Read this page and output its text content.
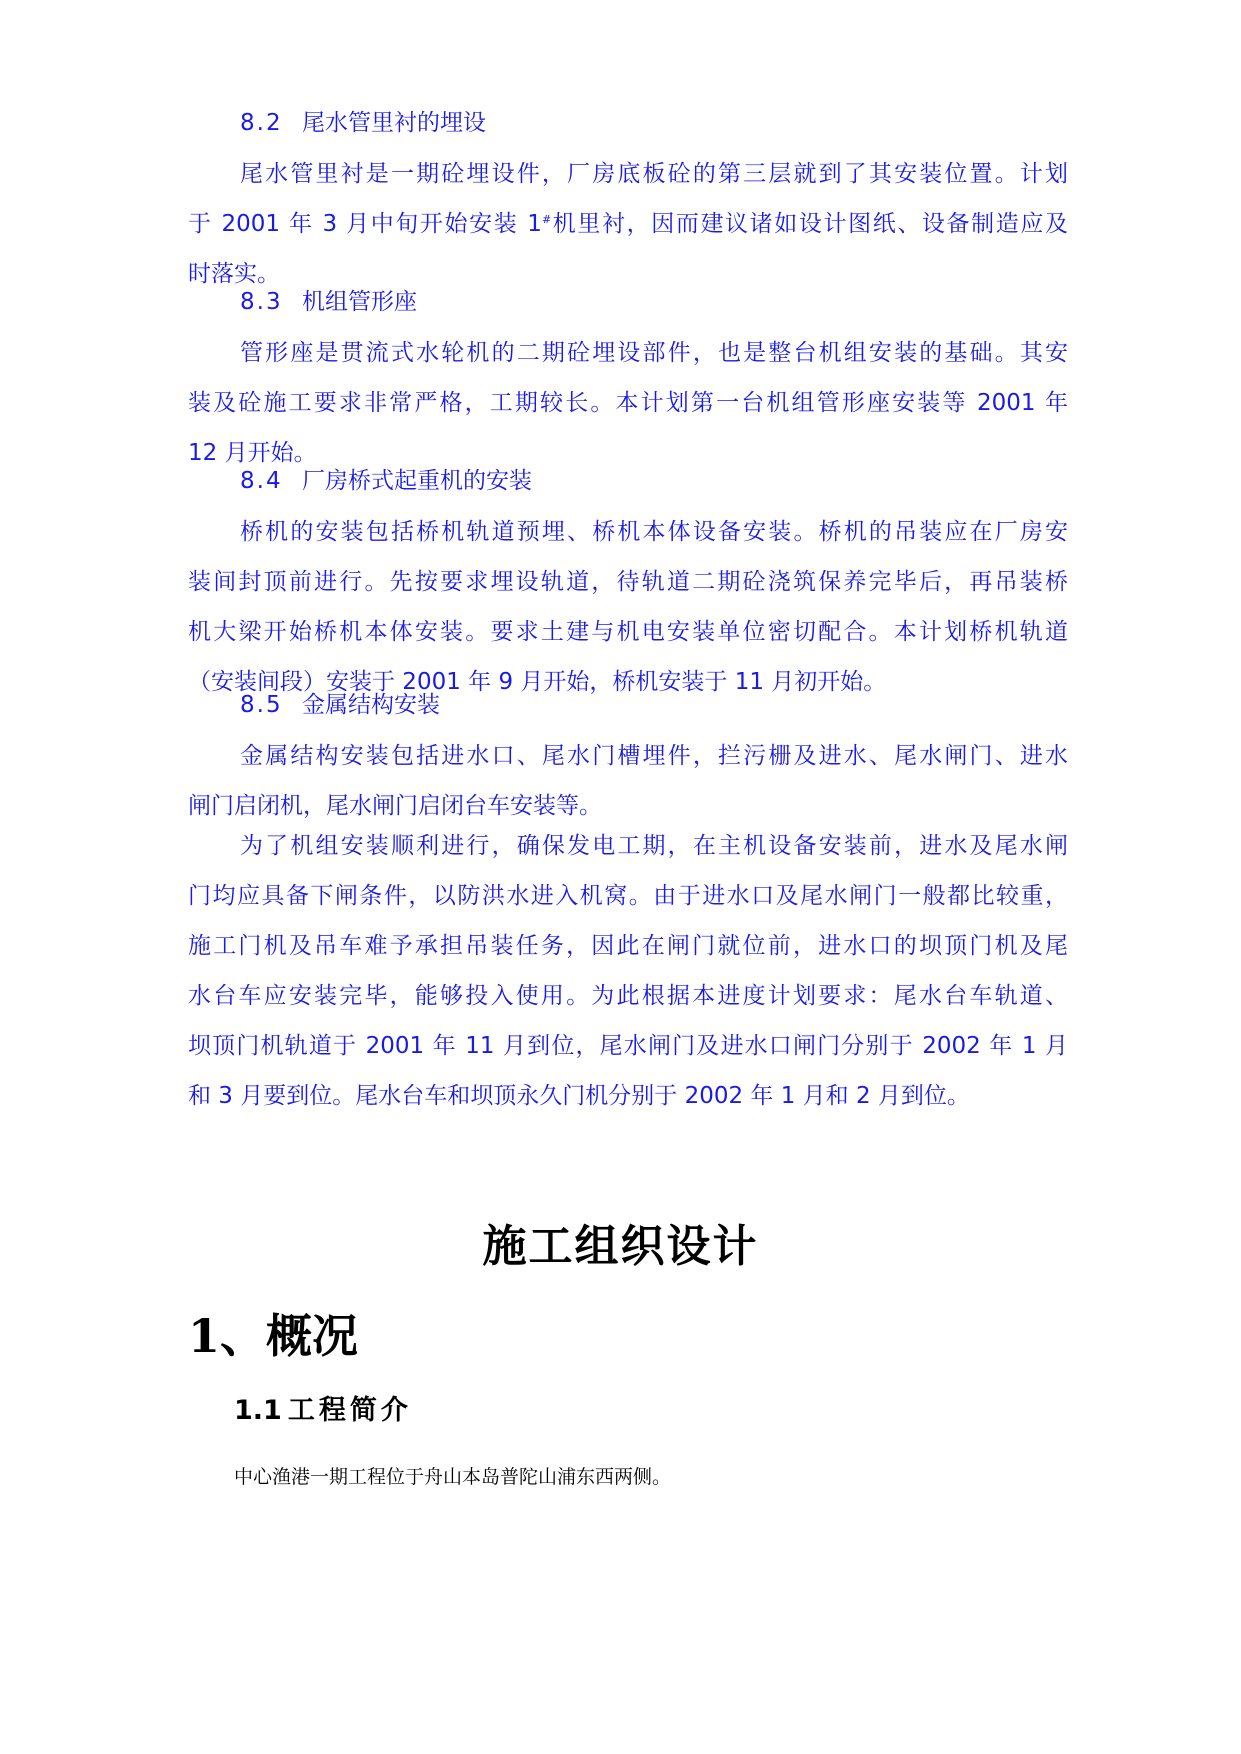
8.2 尾水管里衬的埋设
尾水管里衬是一期砼埋设件，厂房底板砼的第三层就到了其安装位置。计划
于 2001 年 3 月中旬开始安装 1#机里衬，因而建议诸如设计图纸、设备制造应及
时落实。
8.3 机组管形座
管形座是贯流式水轮机的二期砼埋设部件，也是整台机组安装的基础。其安
装及砼施工要求非常严格，工期较长。本计划第一台机组管形座安装等 2001 年
12 月开始。
8.4 厂房桥式起重机的安装
桥机的安装包括桥机轨道预埋、桥机本体设备安装。桥机的吊装应在厂房安
装间封顶前进行。先按要求埋设轨道，待轨道二期砼浇筑保养完毕后，再吊装桥
机大梁开始桥机本体安装。要求土建与机电安装单位密切配合。本计划桥机轨道
（安装间段）安装于 2001 年 9 月开始，桥机安装于 11 月初开始。
8.5 金属结构安装
金属结构安装包括进水口、尾水门槽埋件，拦污栅及进水、尾水闸门、进水
闸门启闭机，尾水闸门启闭台车安装等。
为了机组安装顺利进行，确保发电工期，在主机设备安装前，进水及尾水闸
门均应具备下闸条件，以防洪水进入机窝。由于进水口及尾水闸门一般都比较重，
施工门机及吊车难予承担吊装任务，因此在闸门就位前，进水口的坝顶门机及尾
水台车应安装完毕，能够投入使用。为此根据本进度计划要求：尾水台车轨道、
坝顶门机轨道于 2001 年 11 月到位，尾水闸门及进水口闸门分别于 2002 年 1 月
和 3 月要到位。尾水台车和坝顶永久门机分别于 2002 年 1 月和 2 月到位。
施工组织设计
1、概况
1.1 工程简介

中心渔港一期工程位于舟山本岛普陀山浦东西两侧。
